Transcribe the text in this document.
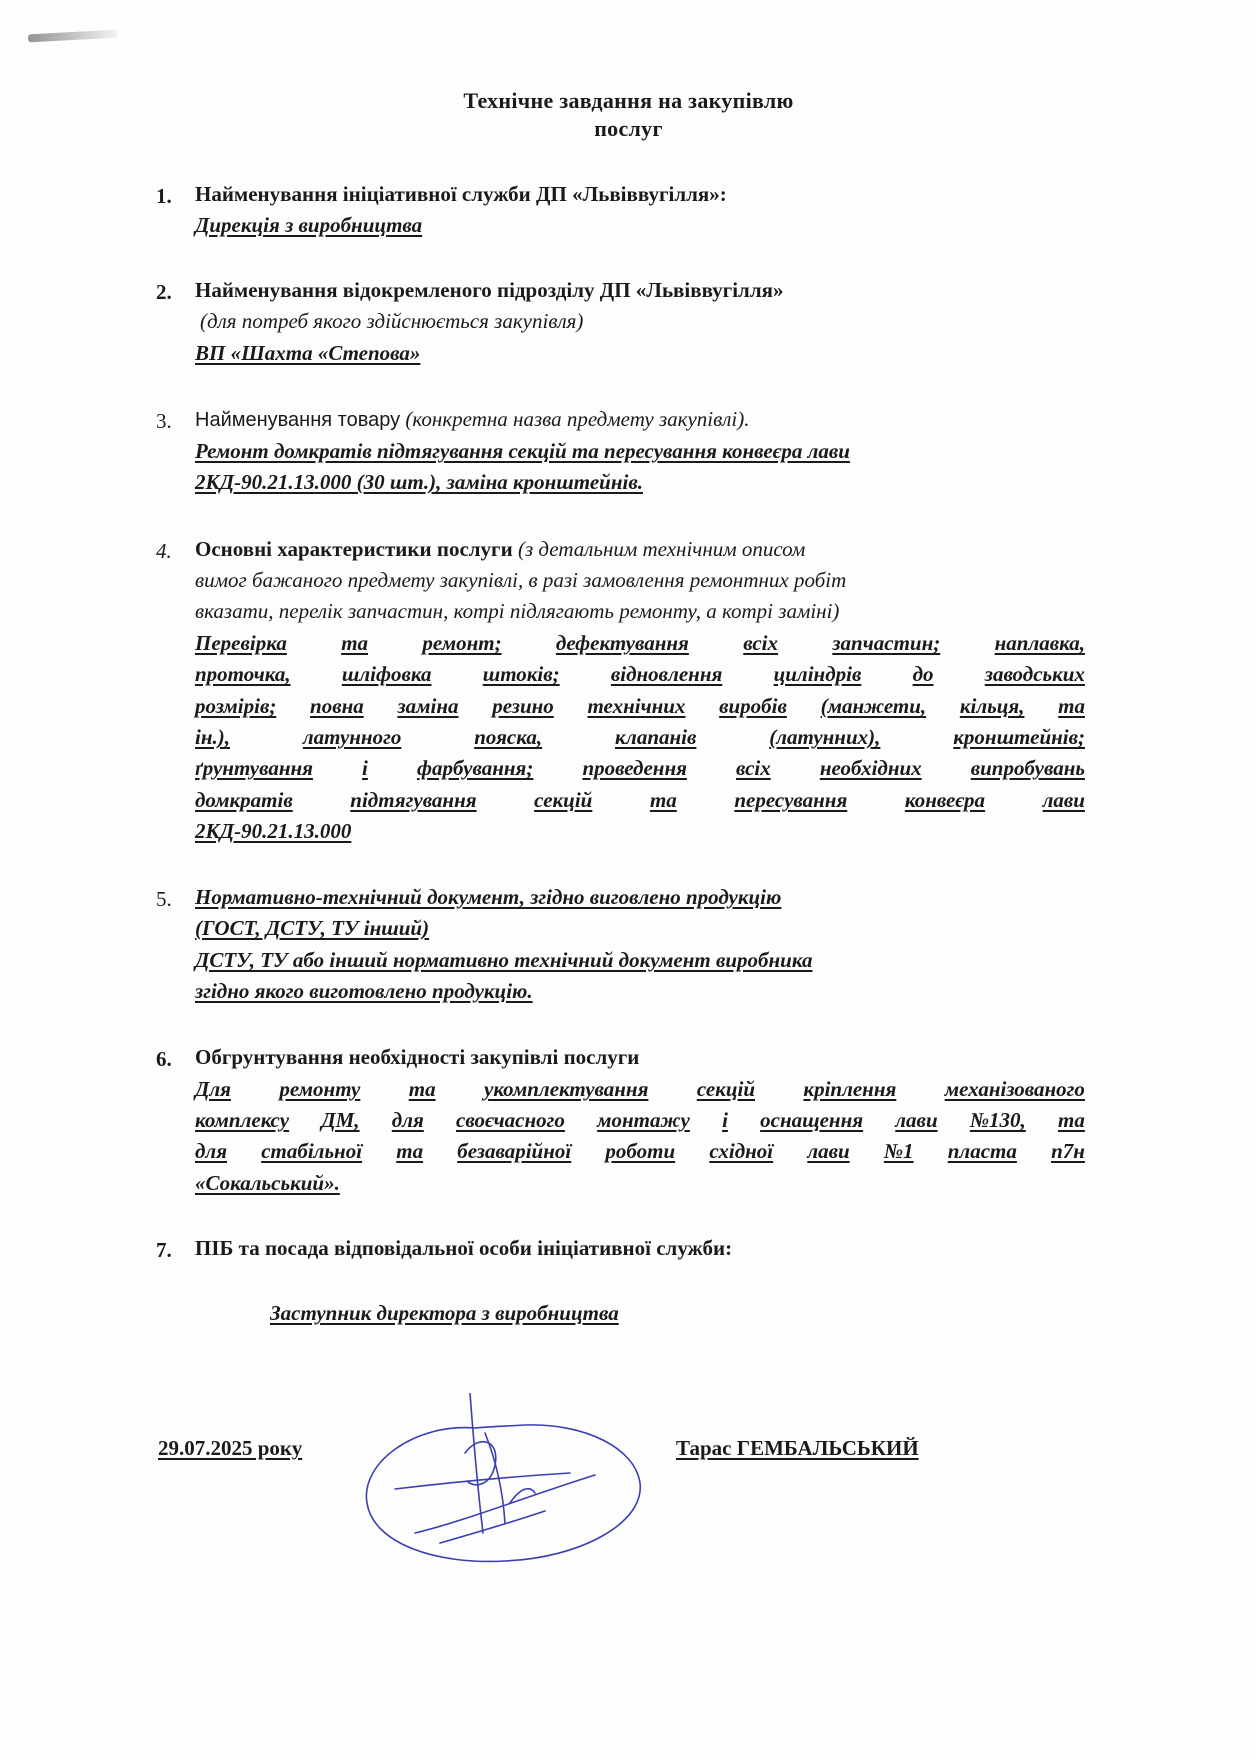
Технічне завдання на закупівлю
послуг
1. Найменування ініціативної служби ДП «Львіввугілля»:
Дирекція з виробництва
2. Найменування відокремленого підрозділу ДП «Львіввугілля»
(для потреб якого здійснюється закупівля)
ВП «Шахта «Степова»
3. Найменування товару (конкретна назва предмету закупівлі).
Ремонт домкратів підтягування секцій та пересування конвеєра лави
2КД-90.21.13.000 (30 шт.), заміна кронштейнів.
4. Основні характеристики послуги (з детальним технічним описом
вимог бажаного предмету закупівлі, в разі замовлення ремонтних робіт
вказати, перелік запчастин, котрі підлягають ремонту, а котрі заміні)
Перевірка	та	ремонт;	дефектування	всіх	запчастин;	наплавка,
проточка, шліфовка штоків; відновлення циліндрів до заводських
розмірів; повна заміна резино технічних виробів (манжети, кільця, та
ін.),	латунного	пояска,	клапанів	(латунних),	кронштейнів;
ґрунтування і фарбування; проведення всіх необхідних випробувань
домкратів	підтягування	секцій	та	пересування	конвеєра	лави
2КД-90.21.13.000
5. Нормативно-технічний документ, згідно виговлено продукцію
(ГОСТ, ДСТУ, ТУ інший)
ДСТУ, ТУ або інший нормативно технічний документ виробника
згідно якого виготовлено продукцію.
6. Обгрунтування необхідності закупівлі послуги
Для ремонту та укомплектування секцій кріплення механізованого
комплексу ДМ, для своєчасного монтажу і оснащення лави №130, та
для стабільної та безаварійної роботи східної лави №1 пласта п7н
«Сокальський».
7. ПІБ та посада відповідальної особи ініціативної служби:
Заступник директора з виробництва
29.07.2025 року	Тарас ГЕМБАЛЬСЬКИЙ
